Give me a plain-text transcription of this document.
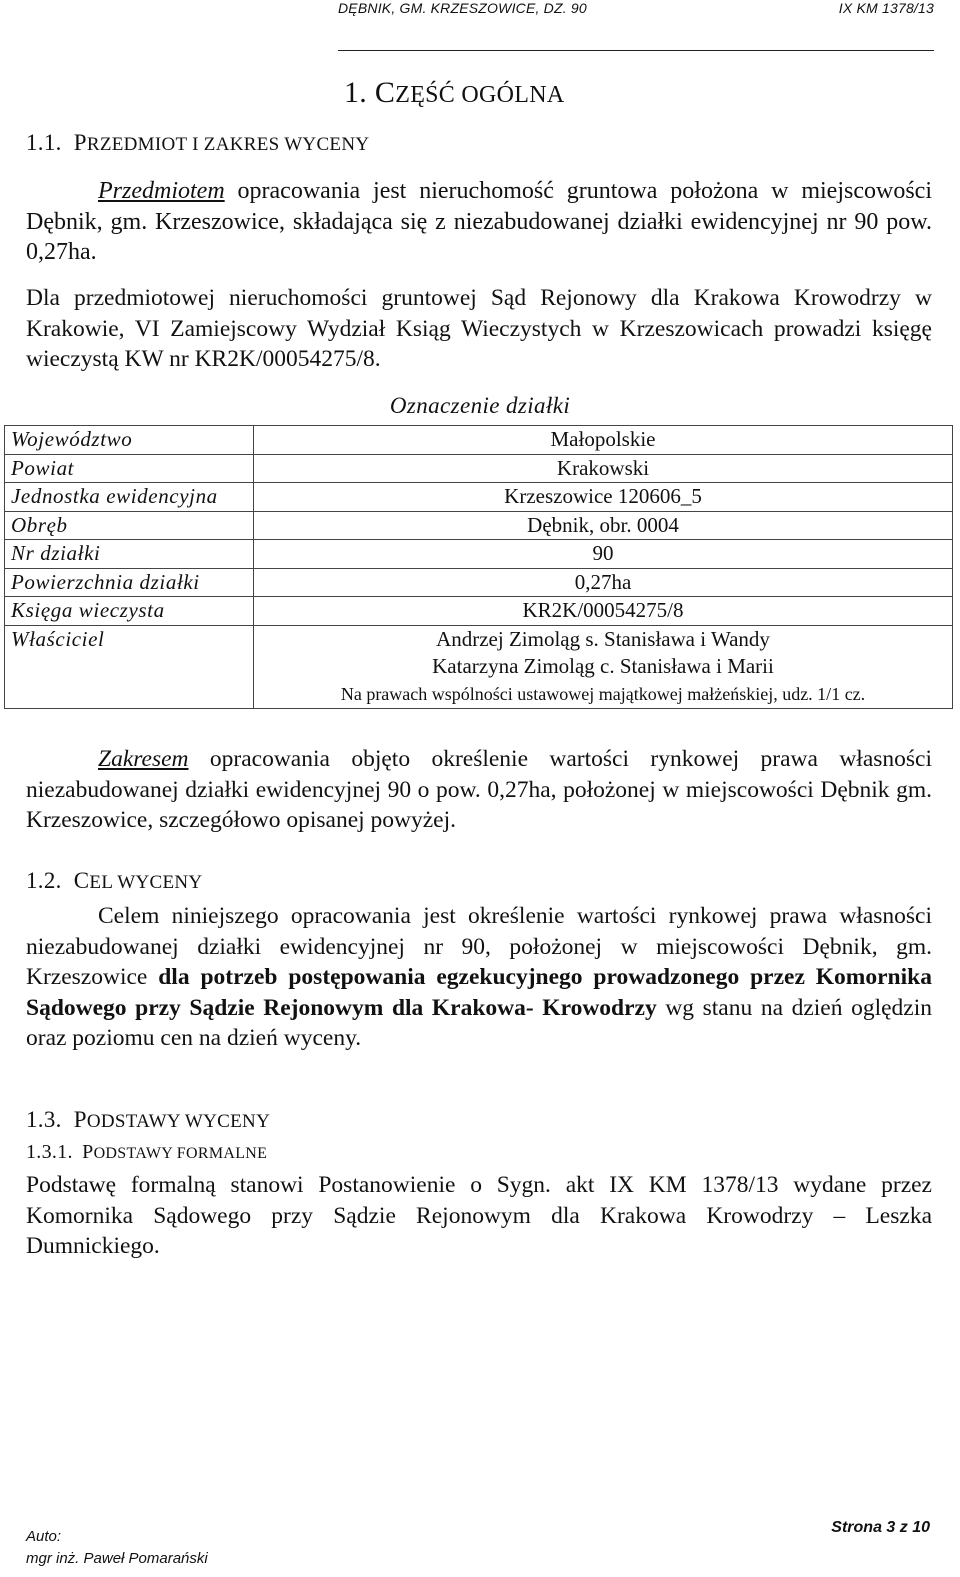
DĘBNIK, GM. KRZESZOWICE, DZ. 90	IX KM 1378/13
1. CZĘŚĆ OGÓLNA
1.1. PRZEDMIOT I ZAKRES WYCENY
Przedmiotem opracowania jest nieruchomość gruntowa położona w miejscowości Dębnik, gm. Krzeszowice, składająca się z niezabudowanej działki ewidencyjnej nr 90 pow. 0,27ha.
Dla przedmiotowej nieruchomości gruntowej Sąd Rejonowy dla Krakowa Krowodrzy w Krakowie, VI Zamiejscowy Wydział Ksiąg Wieczystych w Krzeszowicach prowadzi księgę wieczystą KW nr KR2K/00054275/8.
Oznaczenie działki
Województwo	Małopolskie
Powiat	Krakowski
Jednostka ewidencyjna	Krzeszowice 120606_5
Obręb	Dębnik, obr. 0004
Nr działki	90
Powierzchnia działki	0,27ha
Księga wieczysta	KR2K/00054275/8
Właściciel	Andrzej Zimoląg s. Stanisława i Wandy
Katarzyna Zimoląg c. Stanisława i Marii
Na prawach wspólności ustawowej majątkowej małżeńskiej, udz. 1/1 cz.
Zakresem opracowania objęto określenie wartości rynkowej prawa własności niezabudowanej działki ewidencyjnej 90 o pow. 0,27ha, położonej w miejscowości Dębnik gm. Krzeszowice, szczegółowo opisanej powyżej.
1.2. CEL WYCENY
Celem niniejszego opracowania jest określenie wartości rynkowej prawa własności niezabudowanej działki ewidencyjnej nr 90, położonej w miejscowości Dębnik, gm. Krzeszowice dla potrzeb postępowania egzekucyjnego prowadzonego przez Komornika Sądowego przy Sądzie Rejonowym dla Krakowa- Krowodrzy wg stanu na dzień oględzin oraz poziomu cen na dzień wyceny.
1.3. PODSTAWY WYCENY
1.3.1. PODSTAWY FORMALNE
Podstawę formalną stanowi Postanowienie o Sygn. akt IX KM 1378/13 wydane przez Komornika Sądowego przy Sądzie Rejonowym dla Krakowa Krowodrzy – Leszka Dumnickiego.
Auto:
mgr inż. Paweł Pomarański
Strona 3 z 10
